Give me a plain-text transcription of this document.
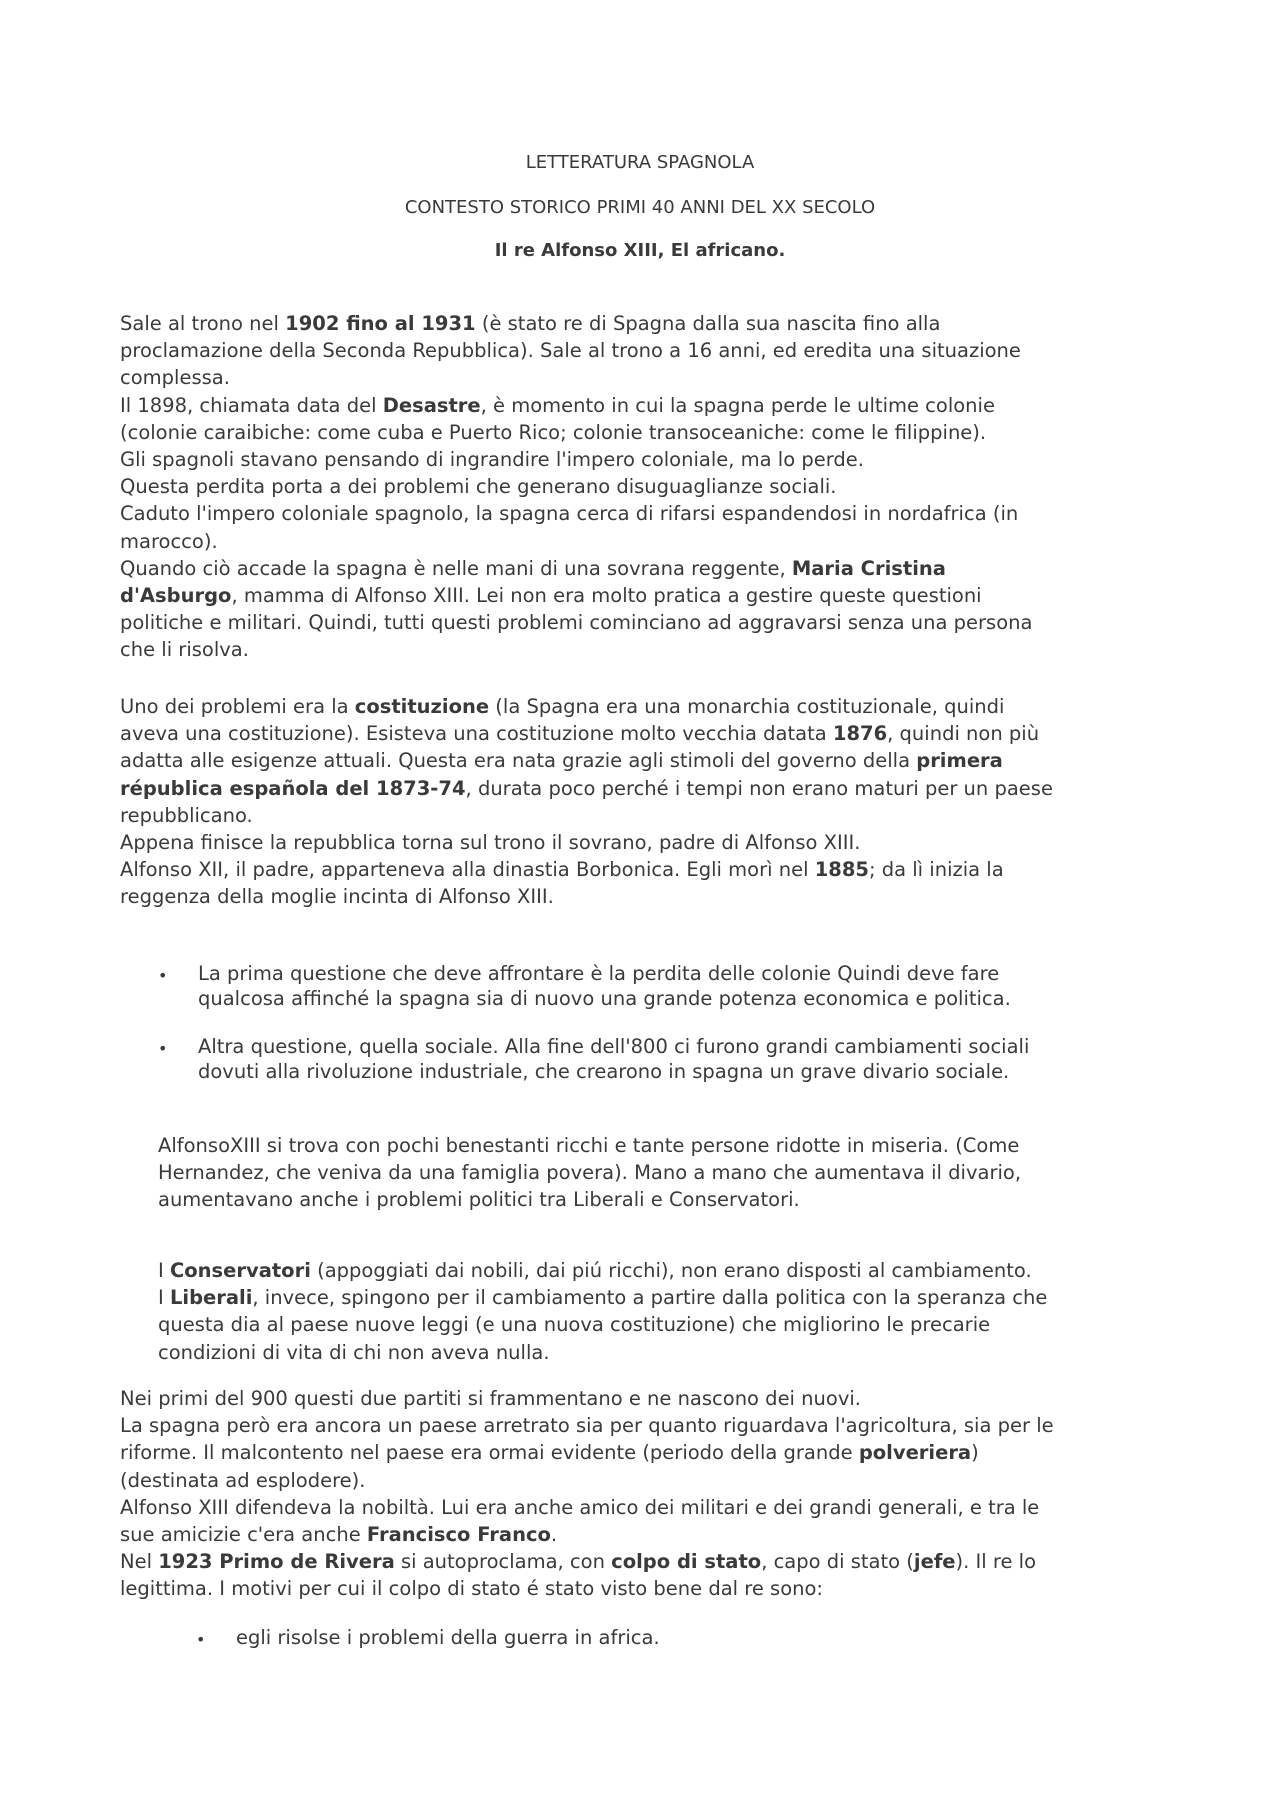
LETTERATURA SPAGNOLA
CONTESTO STORICO PRIMI 40 ANNI DEL XX SECOLO
Il re Alfonso XIII, El africano.
Sale al trono nel 1902 fino al 1931 (è stato re di Spagna dalla sua nascita fino alla
proclamazione della Seconda Repubblica). Sale al trono a 16 anni, ed eredita una situazione
complessa.
Il 1898, chiamata data del Desastre, è momento in cui la spagna perde le ultime colonie
(colonie caraibiche: come cuba e Puerto Rico; colonie transoceaniche: come le filippine).
Gli spagnoli stavano pensando di ingrandire l'impero coloniale, ma lo perde.
Questa perdita porta a dei problemi che generano disuguaglianze sociali.
Caduto l'impero coloniale spagnolo, la spagna cerca di rifarsi espandendosi in nordafrica (in
marocco).
Quando ciò accade la spagna è nelle mani di una sovrana reggente, Maria Cristina
d'Asburgo, mamma di Alfonso XIII. Lei non era molto pratica a gestire queste questioni
politiche e militari. Quindi, tutti questi problemi cominciano ad aggravarsi senza una persona
che li risolva.
Uno dei problemi era la costituzione (la Spagna era una monarchia costituzionale, quindi
aveva una costituzione). Esisteva una costituzione molto vecchia datata 1876, quindi non più
adatta alle esigenze attuali. Questa era nata grazie agli stimoli del governo della primera
républica española del 1873-74, durata poco perché i tempi non erano maturi per un paese
repubblicano.
Appena finisce la repubblica torna sul trono il sovrano, padre di Alfonso XIII.
Alfonso XII, il padre, apparteneva alla dinastia Borbonica. Egli morì nel 1885; da lì inizia la
reggenza della moglie incinta di Alfonso XIII.
• La prima questione che deve affrontare è la perdita delle colonie Quindi deve fare
qualcosa affinché la spagna sia di nuovo una grande potenza economica e politica.
• Altra questione, quella sociale. Alla fine dell'800 ci furono grandi cambiamenti sociali
dovuti alla rivoluzione industriale, che crearono in spagna un grave divario sociale.
AlfonsoXIII si trova con pochi benestanti ricchi e tante persone ridotte in miseria. (Come
Hernandez, che veniva da una famiglia povera). Mano a mano che aumentava il divario,
aumentavano anche i problemi politici tra Liberali e Conservatori.
I Conservatori (appoggiati dai nobili, dai piú ricchi), non erano disposti al cambiamento.
I Liberali, invece, spingono per il cambiamento a partire dalla politica con la speranza che
questa dia al paese nuove leggi (e una nuova costituzione) che migliorino le precarie
condizioni di vita di chi non aveva nulla.
Nei primi del 900 questi due partiti si frammentano e ne nascono dei nuovi.
La spagna però era ancora un paese arretrato sia per quanto riguardava l'agricoltura, sia per le
riforme. Il malcontento nel paese era ormai evidente (periodo della grande polveriera)
(destinata ad esplodere).
Alfonso XIII difendeva la nobiltà. Lui era anche amico dei militari e dei grandi generali, e tra le
sue amicizie c'era anche Francisco Franco.
Nel 1923 Primo de Rivera si autoproclama, con colpo di stato, capo di stato (jefe). Il re lo
legittima. I motivi per cui il colpo di stato é stato visto bene dal re sono:
• egli risolse i problemi della guerra in africa.
